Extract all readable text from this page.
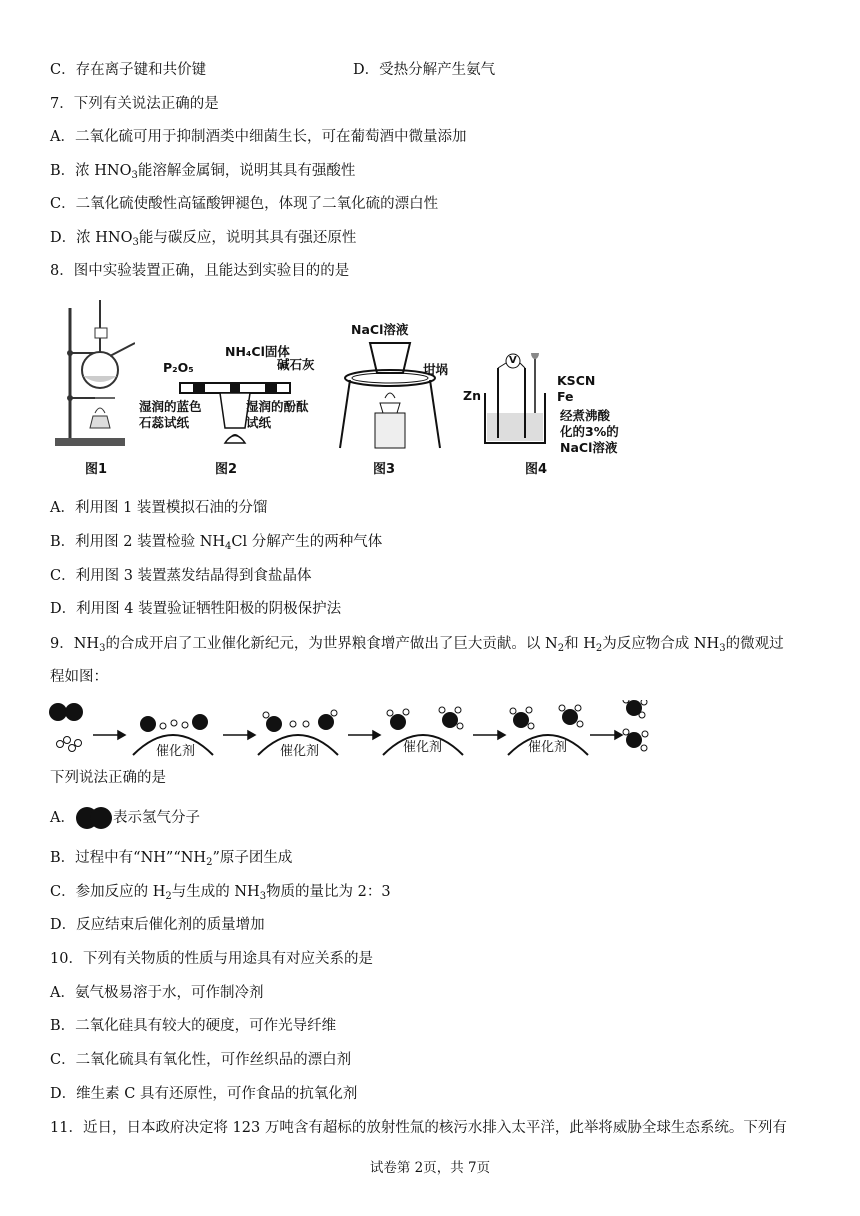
C．存在离子键和共价键	D．受热分解产生氨气
7．下列有关说法正确的是
A．二氧化硫可用于抑制酒类中细菌生长，可在葡萄酒中微量添加
B．浓 $HNO_3$能溶解金属铜，说明其具有强酸性
C．二氧化硫使酸性高锰酸钾褪色，体现了二氧化硫的漂白性
D．浓 $HNO_3$能与碳反应，说明其具有强还原性
8．图中实验装置正确，且能达到实验目的的是
图1
NH₄Cl固体
P₂O₅	碱石灰
湿润的蓝色
石蕊试纸
湿润的酚酞
试纸
图2
NaCl溶液
坩埚
图3
V
KSCN
Fe
Zn
经煮沸酸
化的3%的
NaCl溶液
图4
A．利用图 1 装置模拟石油的分馏
B．利用图 2 装置检验 $NH_4Cl$ 分解产生的两种气体
C．利用图 3 装置蒸发结晶得到食盐晶体
D．利用图 4 装置验证牺牲阳极的阴极保护法
9．$NH_3$的合成开启了工业催化新纪元，为世界粮食增产做出了巨大贡献。以 $N_2$和 $H_2$为反应物合成 $NH_3$的微观过
程如图：
催化剂	催化剂	催化剂	催化剂
下列说法正确的是
A．	表示氢气分子
B．过程中有“$NH”“NH_2$”原子团生成
C．参加反应的 $H_2$与生成的 $NH_3$物质的量比为 2：3
D．反应结束后催化剂的质量增加
10．下列有关物质的性质与用途具有对应关系的是
A．氨气极易溶于水，可作制冷剂
B．二氧化硅具有较大的硬度，可作光导纤维
C．二氧化硫具有氧化性，可作丝织品的漂白剂
D．维生素 C 具有还原性，可作食品的抗氧化剂
11．近日，日本政府决定将 123 万吨含有超标的放射性氚的核污水排入太平洋，此举将威胁全球生态系统。下列有
试卷第 2页，共 7页
